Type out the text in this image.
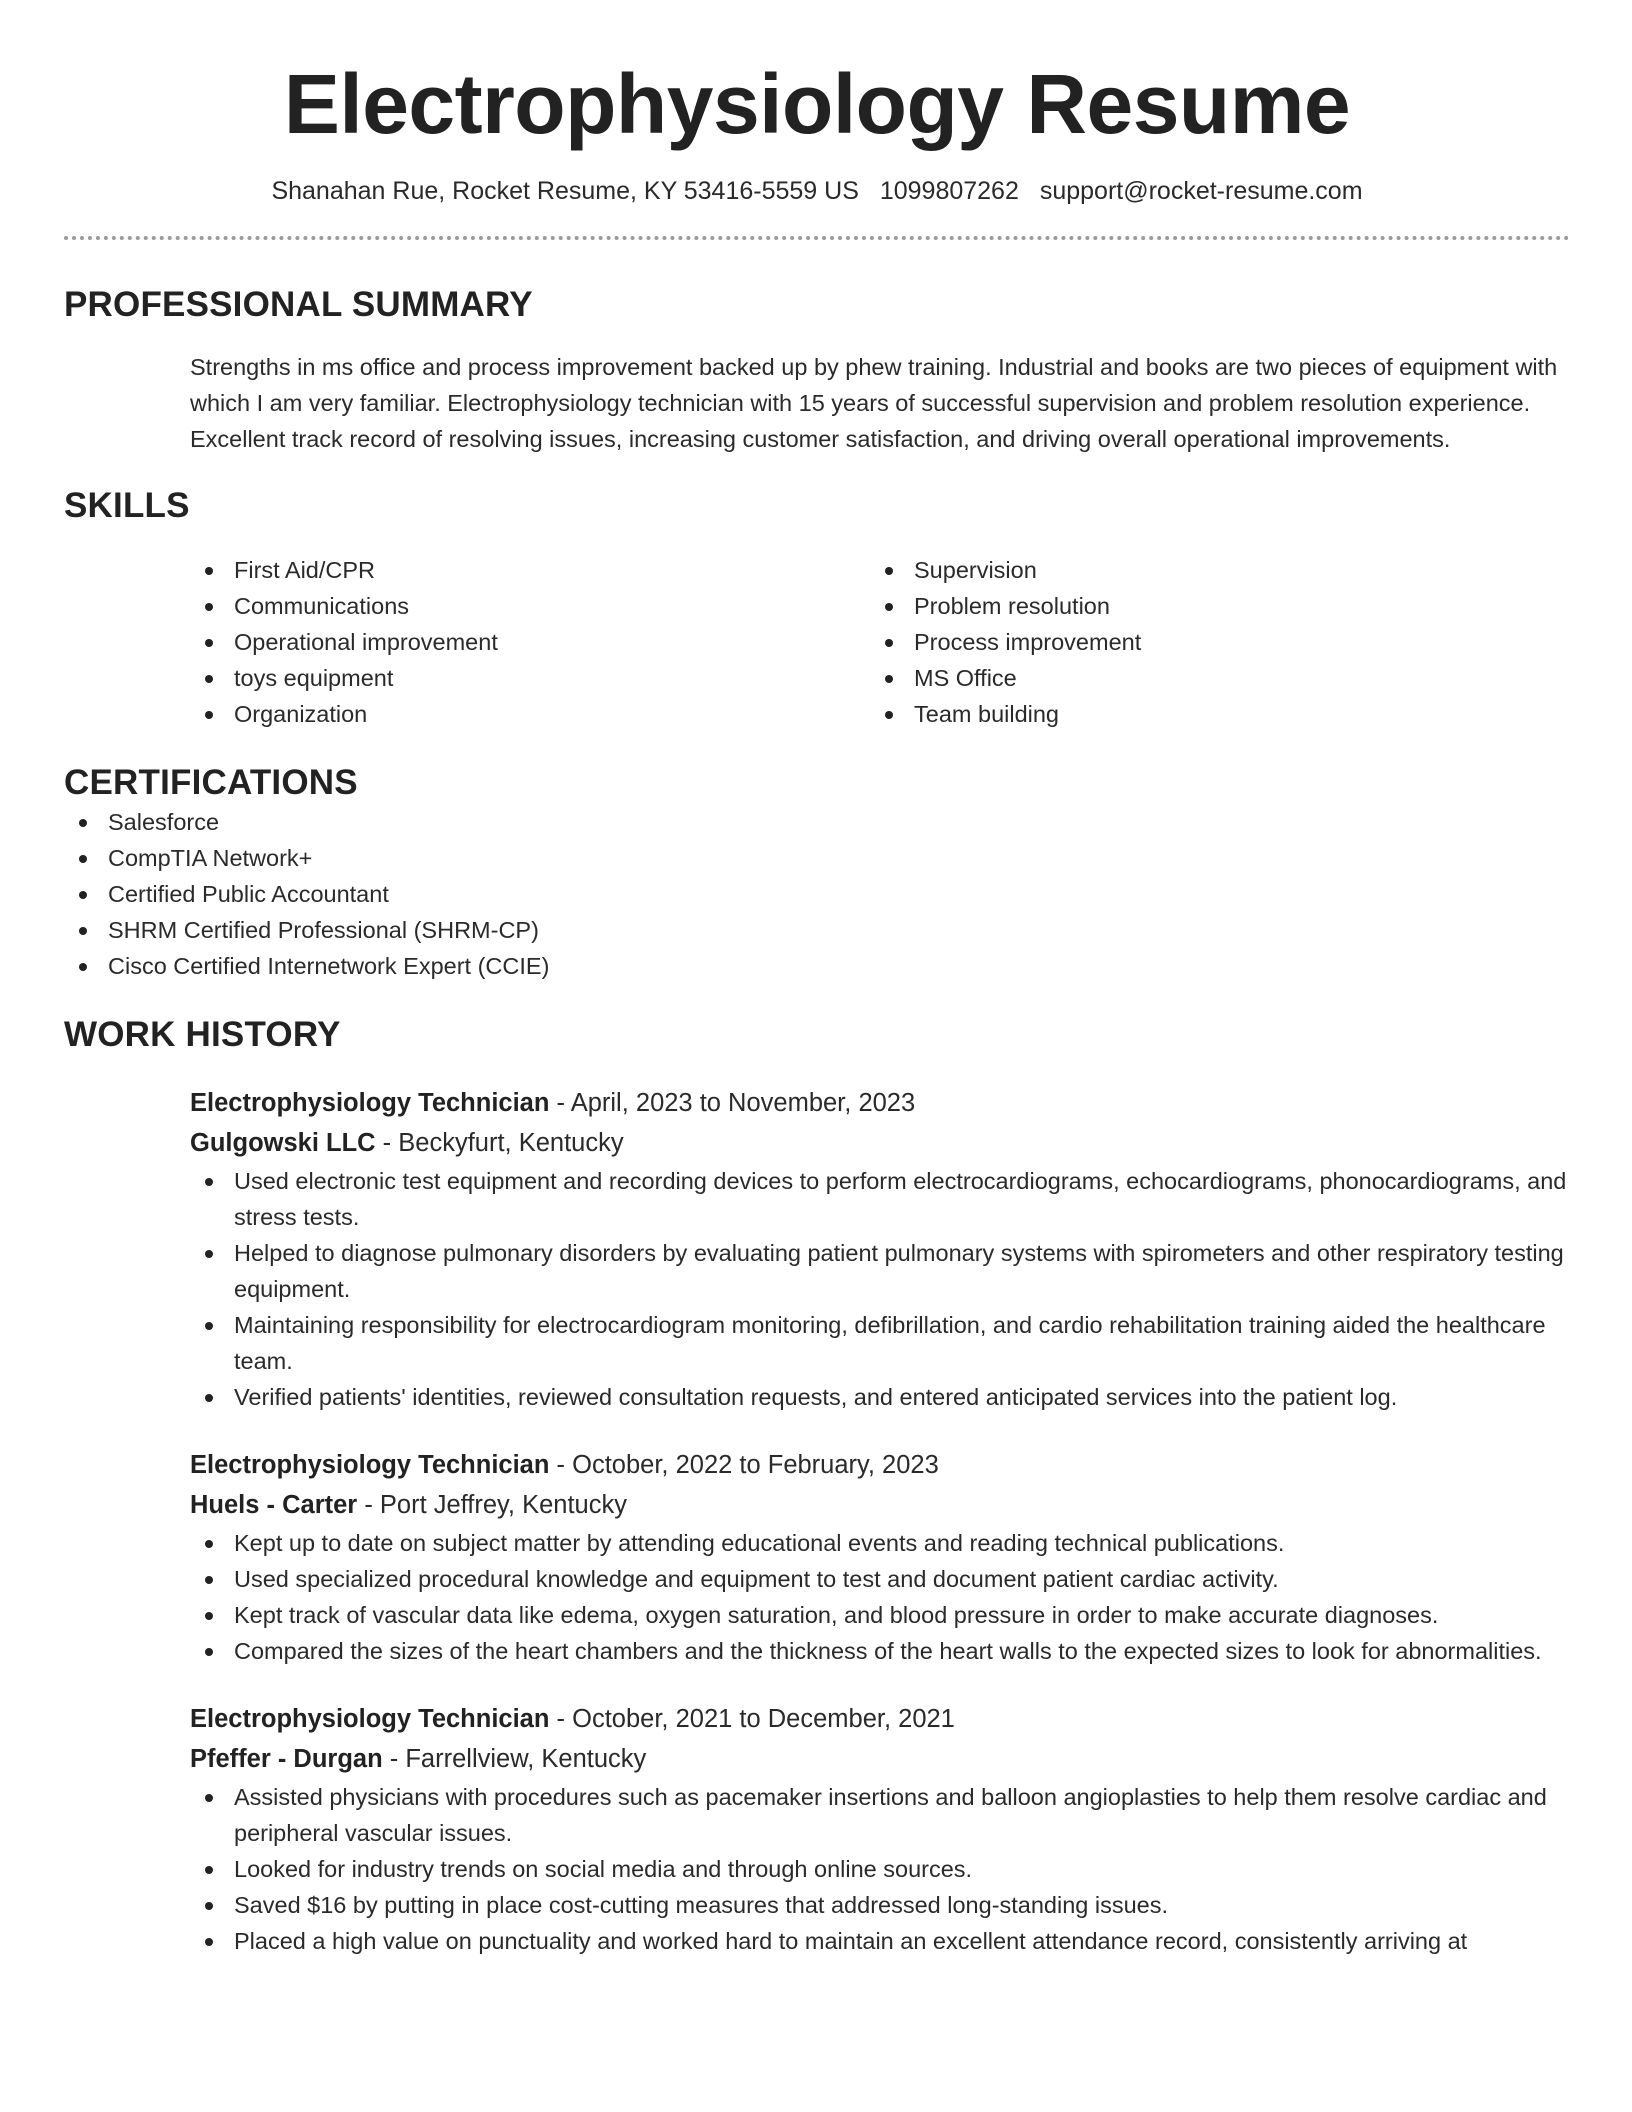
Electrophysiology Resume
Shanahan Rue, Rocket Resume, KY 53416-5559 US 1099807262 support@rocket-resume.com
PROFESSIONAL SUMMARY

Strengths in ms office and process improvement backed up by phew training. Industrial and books are two pieces of equipment with which I am very familiar. Electrophysiology technician with 15 years of successful supervision and problem resolution experience. Excellent track record of resolving issues, increasing customer satisfaction, and driving overall operational improvements.

SKILLS
First Aid/CPR
Communications
Operational improvement
toys equipment
Organization
Supervision
Problem resolution
Process improvement
MS Office
Team building
CERTIFICATIONS
Salesforce
CompTIA Network+
Certified Public Accountant
SHRM Certified Professional (SHRM-CP)
Cisco Certified Internetwork Expert (CCIE)
WORK HISTORY
Electrophysiology Technician - April, 2023 to November, 2023
Gulgowski LLC - Beckyfurt, Kentucky
Used electronic test equipment and recording devices to perform electrocardiograms, echocardiograms, phonocardiograms, and stress tests.
Helped to diagnose pulmonary disorders by evaluating patient pulmonary systems with spirometers and other respiratory testing equipment.
Maintaining responsibility for electrocardiogram monitoring, defibrillation, and cardio rehabilitation training aided the healthcare team.
Verified patients' identities, reviewed consultation requests, and entered anticipated services into the patient log.
Electrophysiology Technician - October, 2022 to February, 2023
Huels - Carter - Port Jeffrey, Kentucky
Kept up to date on subject matter by attending educational events and reading technical publications.
Used specialized procedural knowledge and equipment to test and document patient cardiac activity.
Kept track of vascular data like edema, oxygen saturation, and blood pressure in order to make accurate diagnoses.
Compared the sizes of the heart chambers and the thickness of the heart walls to the expected sizes to look for abnormalities.
Electrophysiology Technician - October, 2021 to December, 2021
Pfeffer - Durgan - Farrellview, Kentucky
Assisted physicians with procedures such as pacemaker insertions and balloon angioplasties to help them resolve cardiac and peripheral vascular issues.
Looked for industry trends on social media and through online sources.
Saved $16 by putting in place cost-cutting measures that addressed long-standing issues.
Placed a high value on punctuality and worked hard to maintain an excellent attendance record, consistently arriving at
